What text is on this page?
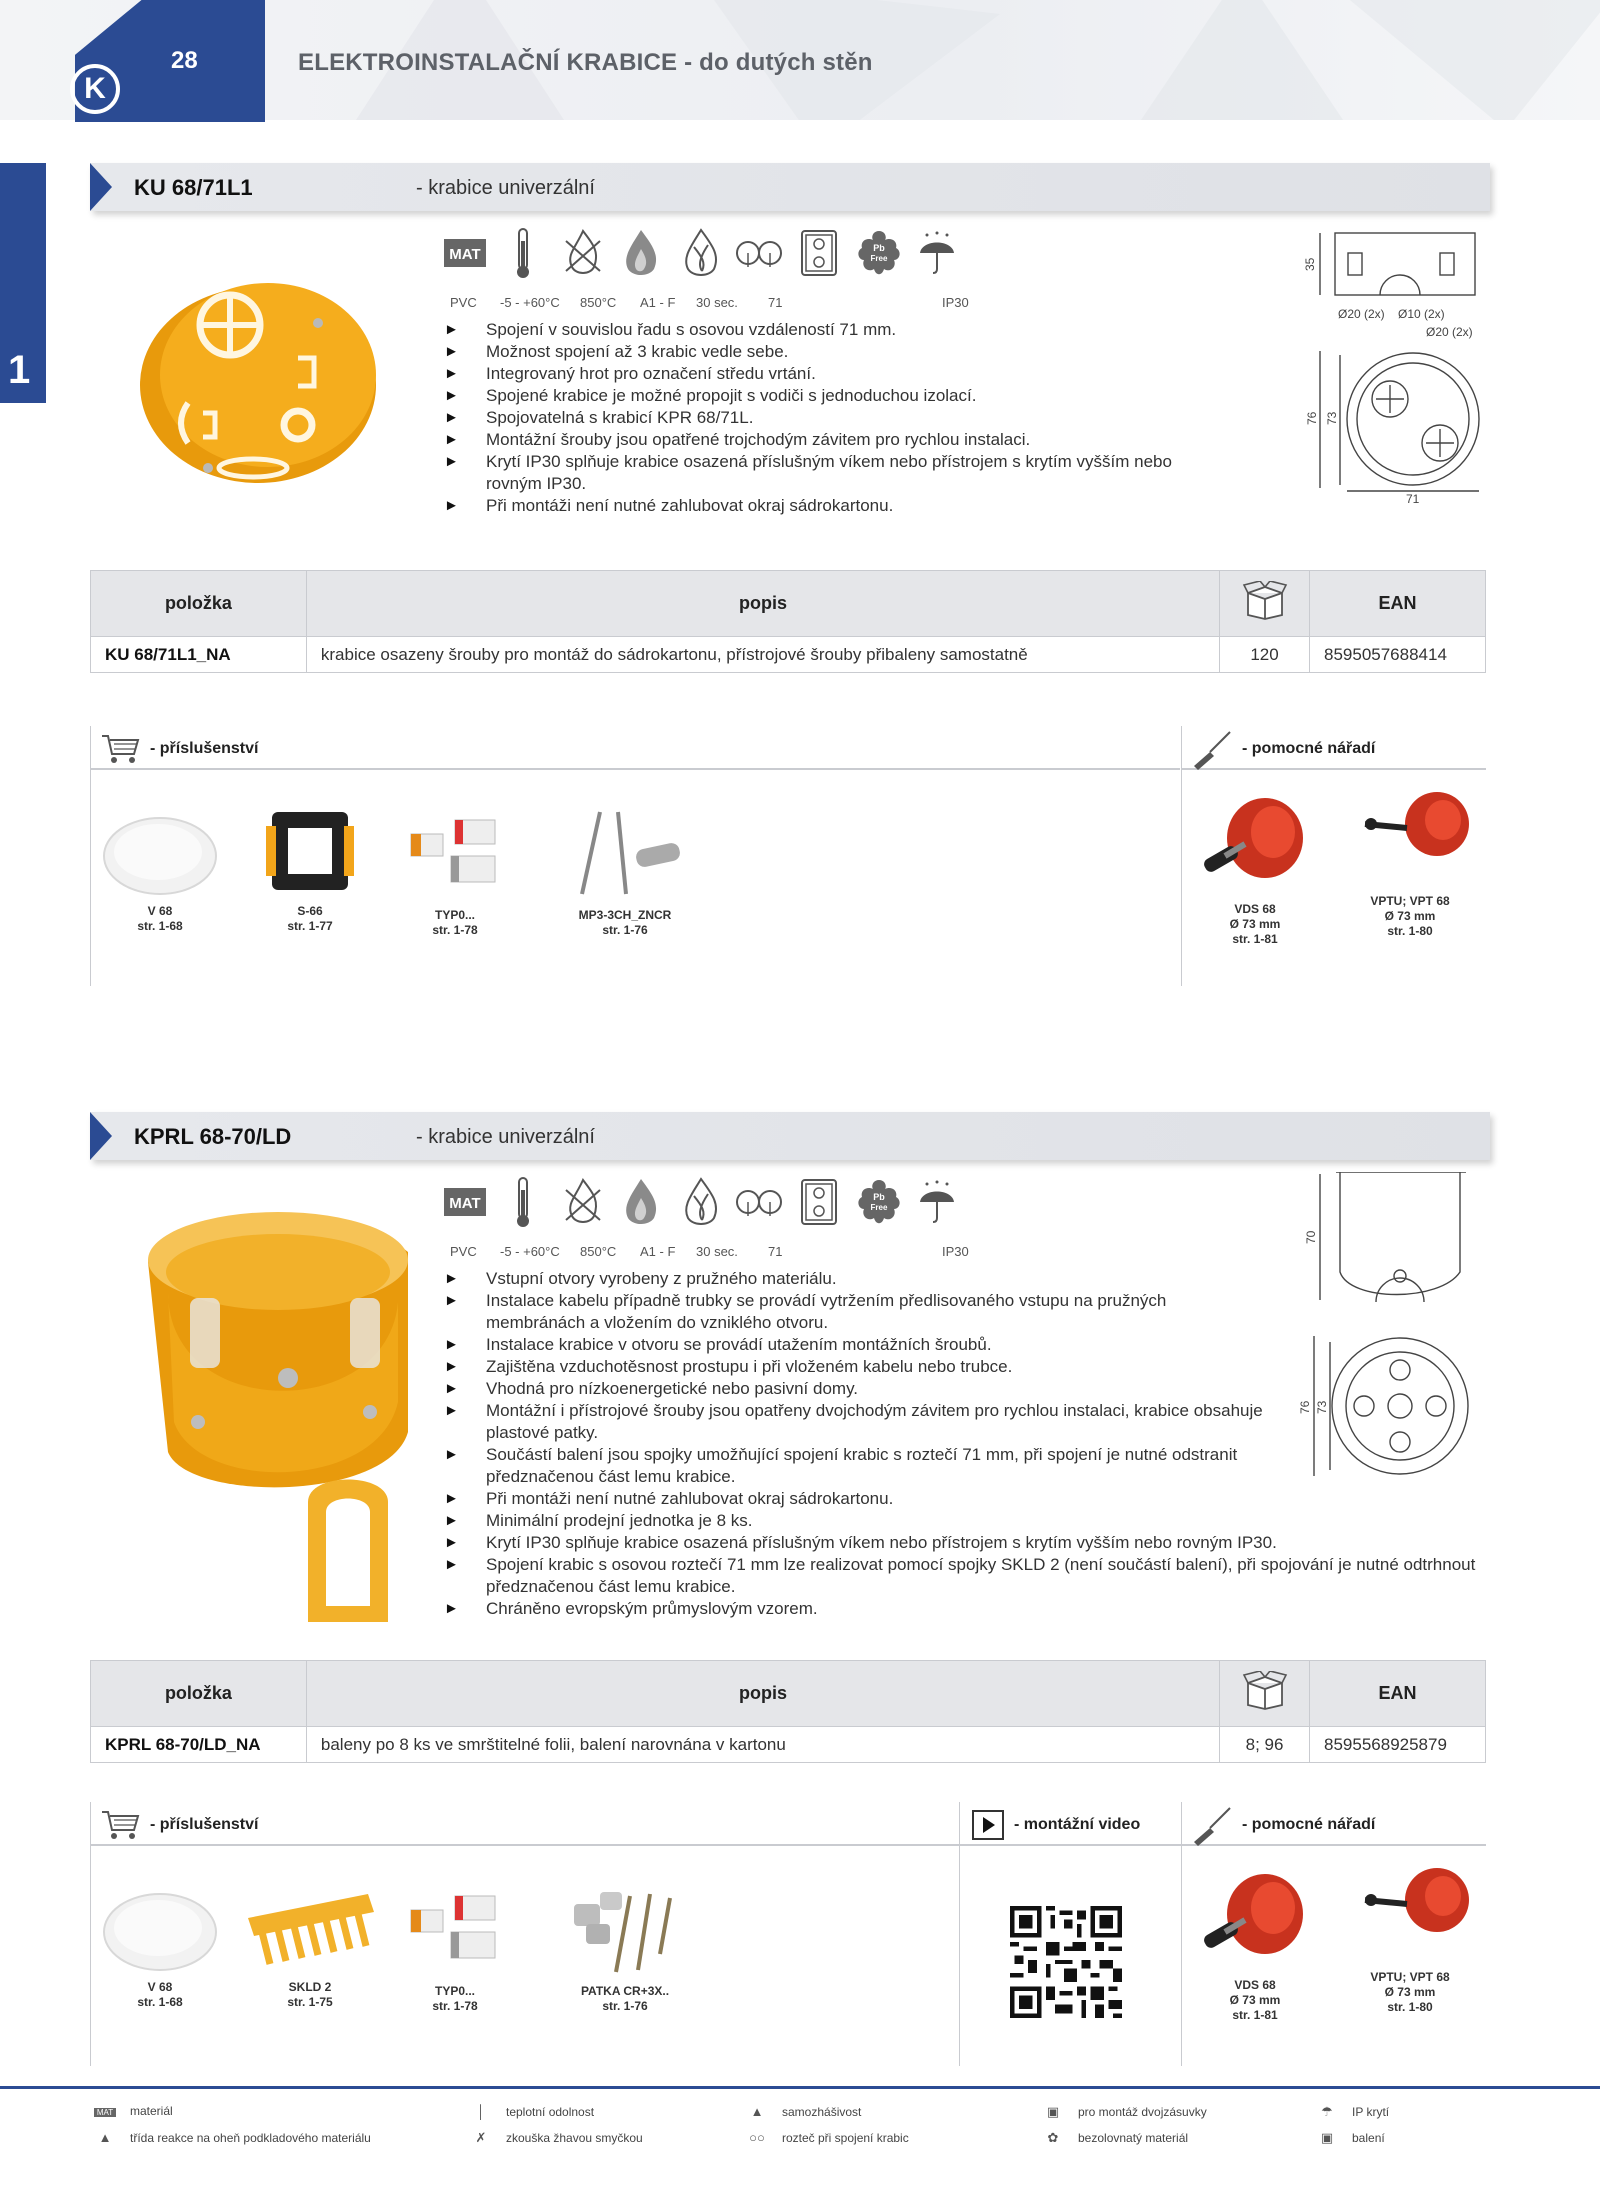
K
28	ELEKTROINSTALAČNÍ KRABICE - do dutých stěn
1
KU 68/71L1	- krabice univerzální
MAT	Pb
Free
PVC -5 - +60°C 850°C A1 - F 30 sec. 71	IP30
► Spojení v souvislou řadu s osovou vzdáleností 71 mm.
► Možnost spojení až 3 krabic vedle sebe.
► Integrovaný hrot pro označení středu vrtání.
► Spojené krabice je možné propojit s vodiči s jednoduchou izolací.
► Spojovatelná s krabicí KPR 68/71L.
► Montážní šrouby jsou opatřené trojchodým závitem pro rychlou instalaci.
► Krytí IP30 splňuje krabice osazená příslušným víkem nebo přístrojem s krytím vyšším nebo rovným IP30.
► Při montáži není nutné zahlubovat okraj sádrokartonu.
35
Ø20 (2x) Ø10 (2x)
Ø20 (2x)
76 73
71
položka	popis		EAN
KU 68/71L1_NA	krabice osazeny šrouby pro montáž do sádrokartonu, přístrojové šrouby přibaleny samostatně	120	8595057688414
- příslušenství	- pomocné nářadí
V 68
str. 1-68
S-66
str. 1-77
TYP0...
str. 1-78
MP3-3CH_ZNCR
str. 1-76
VDS 68
Ø 73 mm
str. 1-81
VPTU; VPT 68
Ø 73 mm
str. 1-80
KPRL 68-70/LD	- krabice univerzální
MAT	Pb
Free
PVC -5 - +60°C 850°C A1 - F 30 sec. 71	IP30
► Vstupní otvory vyrobeny z pružného materiálu.
► Instalace kabelu případně trubky se provádí vytržením předlisovaného vstupu na pružných membránách a vložením do vzniklého otvoru.
► Instalace krabice v otvoru se provádí utažením montážních šroubů.
► Zajištěna vzduchotěsnost prostupu i při vloženém kabelu nebo trubce.
► Vhodná pro nízkoenergetické nebo pasivní domy.
► Montážní i přístrojové šrouby jsou opatřeny dvojchodým závitem pro rychlou instalaci, krabice obsahuje plastové patky.
► Součástí balení jsou spojky umožňující spojení krabic s roztečí 71 mm, při spojení je nutné odstranit předznačenou část lemu krabice.
► Při montáži není nutné zahlubovat okraj sádrokartonu.
► Minimální prodejní jednotka je 8 ks.
► Krytí IP30 splňuje krabice osazená příslušným víkem nebo přístrojem s krytím vyšším nebo rovným IP30.
► Spojení krabic s osovou roztečí 71 mm lze realizovat pomocí spojky SKLD 2 (není součástí balení), při spojování je nutné odtrhnout předznačenou část lemu krabice.
► Chráněno evropským průmyslovým vzorem.
70
76 73
položka	popis		EAN
KPRL 68-70/LD_NA	baleny po 8 ks ve smrštitelné folii, balení narovnána v kartonu	8; 96	8595568925879
- příslušenství	- montážní video	- pomocné nářadí
V 68
str. 1-68
SKLD 2
str. 1-75
TYP0...
str. 1-78
PATKA CR+3X..
str. 1-76
VDS 68
Ø 73 mm
str. 1-81
VPTU; VPT 68
Ø 73 mm
str. 1-80
MAT materiál
▲ třída reakce na oheň podkladového materiálu
│ teplotní odolnost
✗ zkouška žhavou smyčkou
▲ samozhášivost
○○ rozteč při spojení krabic
▣ pro montáž dvojzásuvky
✿ bezolovnatý materiál
☂ IP krytí
▣ balení
